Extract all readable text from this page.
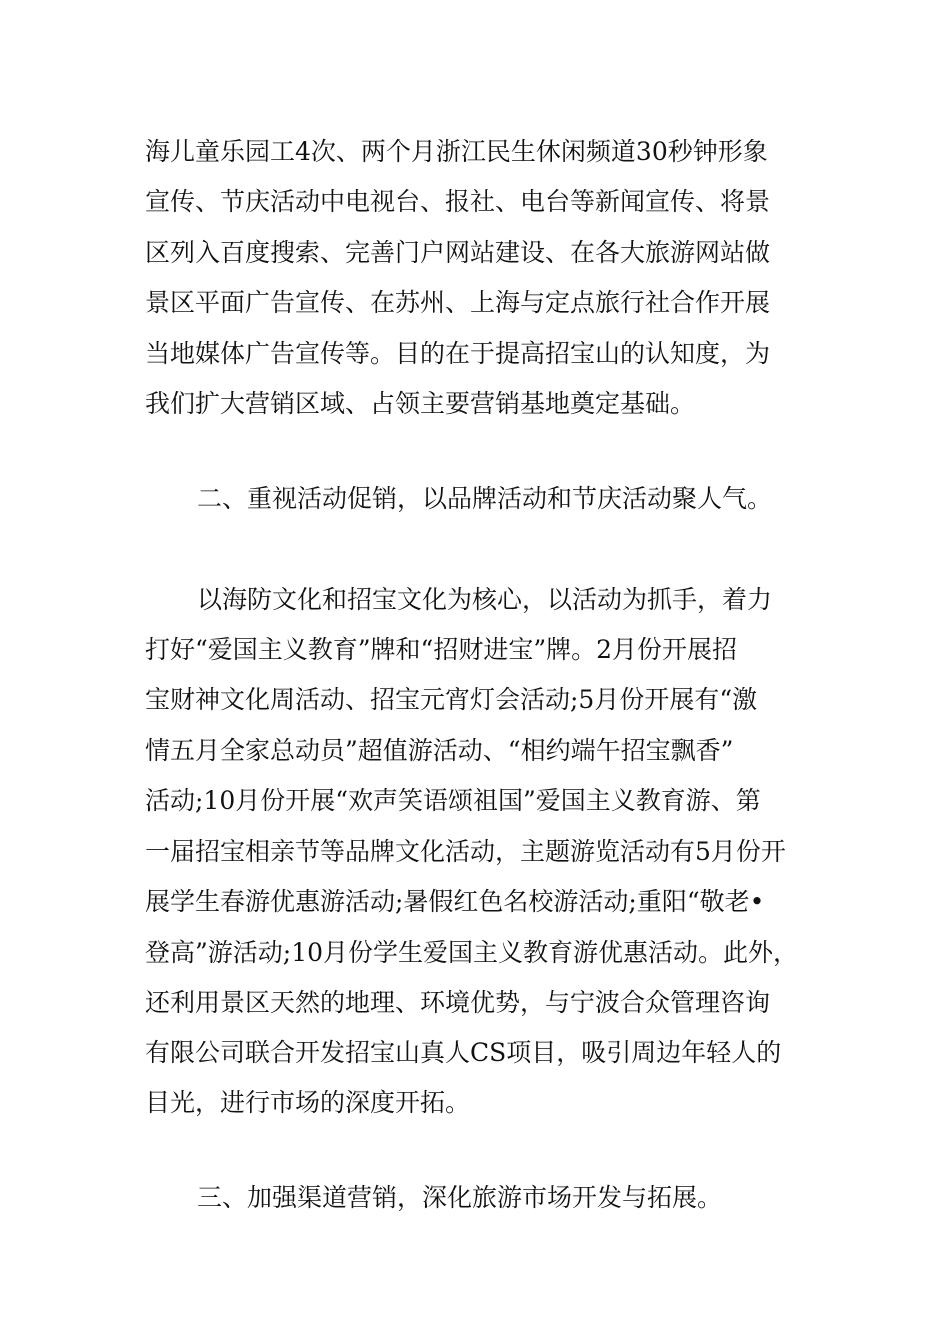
海儿童乐园工4次、两个月浙江民生休闲频道30秒钟形象
宣传、节庆活动中电视台、报社、电台等新闻宣传、将景
区列入百度搜索、完善门户网站建设、在各大旅游网站做
景区平面广告宣传、在苏州、上海与定点旅行社合作开展
当地媒体广告宣传等。目的在于提高招宝山的认知度，为
我们扩大营销区域、占领主要营销基地奠定基础。
二、重视活动促销，以品牌活动和节庆活动聚人气。
以海防文化和招宝文化为核心，以活动为抓手，着力
打好“爱国主义教育”牌和“招财进宝”牌。2月份开展招
宝财神文化周活动、招宝元宵灯会活动;5月份开展有“激
情五月全家总动员”超值游活动、“相约端午招宝飘香”
活动;10月份开展“欢声笑语颂祖国”爱国主义教育游、第
一届招宝相亲节等品牌文化活动，主题游览活动有5月份开
展学生春游优惠游活动;暑假红色名校游活动;重阳“敬老•
登高”游活动;10月份学生爱国主义教育游优惠活动。此外，
还利用景区天然的地理、环境优势，与宁波合众管理咨询
有限公司联合开发招宝山真人CS项目，吸引周边年轻人的
目光，进行市场的深度开拓。
三、加强渠道营销，深化旅游市场开发与拓展。
